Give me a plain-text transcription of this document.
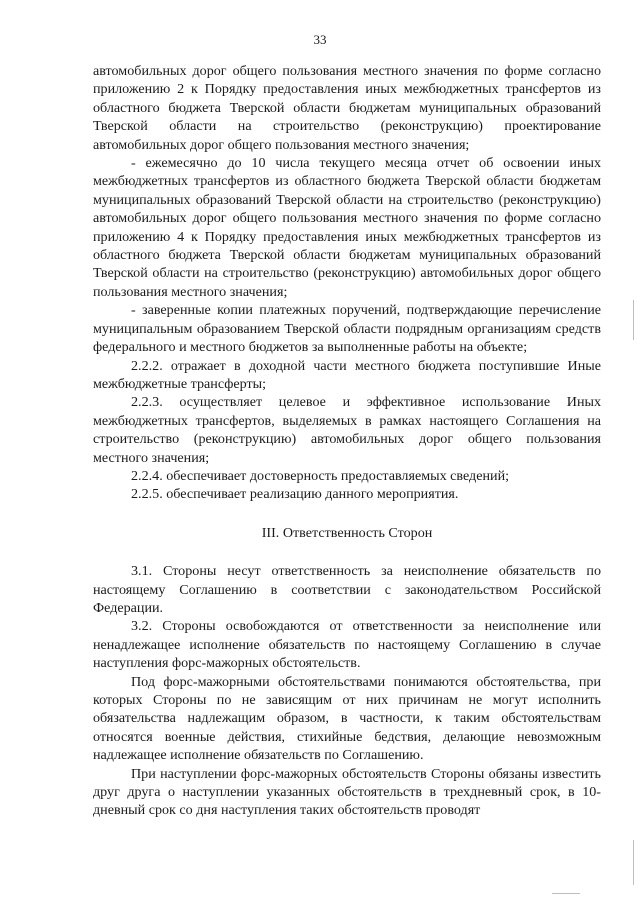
33

автомобильных дорог общего пользования местного значения по форме согласно приложению 2 к Порядку предоставления иных межбюджетных трансфертов из областного бюджета Тверской области бюджетам муниципальных образований Тверской области на строительство (реконструкцию) проектирование автомобильных дорог общего пользования местного значения;

- ежемесячно до 10 числа текущего месяца отчет об освоении иных межбюджетных трансфертов из областного бюджета Тверской области бюджетам муниципальных образований Тверской области на строительство (реконструкцию) автомобильных дорог общего пользования местного значения по форме согласно приложению 4 к Порядку предоставления иных межбюджетных трансфертов из областного бюджета Тверской области бюджетам муниципальных образований Тверской области на строительство (реконструкцию) автомобильных дорог общего пользования местного значения;

- заверенные копии платежных поручений, подтверждающие перечисление муниципальным образованием Тверской области подрядным организациям средств федерального и местного бюджетов за выполненные работы на объекте;

2.2.2. отражает в доходной части местного бюджета поступившие Иные межбюджетные трансферты;

2.2.3. осуществляет целевое и эффективное использование Иных межбюджетных трансфертов, выделяемых в рамках настоящего Соглашения на строительство (реконструкцию) автомобильных дорог общего пользования местного значения;

2.2.4. обеспечивает достоверность предоставляемых сведений;

2.2.5. обеспечивает реализацию данного мероприятия.

III. Ответственность Сторон

3.1. Стороны несут ответственность за неисполнение обязательств по настоящему Соглашению в соответствии с законодательством Российской Федерации.

3.2. Стороны освобождаются от ответственности за неисполнение или ненадлежащее исполнение обязательств по настоящему Соглашению в случае наступления форс-мажорных обстоятельств.

Под форс-мажорными обстоятельствами понимаются обстоятельства, при которых Стороны по не зависящим от них причинам не могут исполнить обязательства надлежащим образом, в частности, к таким обстоятельствам относятся военные действия, стихийные бедствия, делающие невозможным надлежащее исполнение обязательств по Соглашению.

При наступлении форс-мажорных обстоятельств Стороны обязаны известить друг друга о наступлении указанных обстоятельств в трехдневный срок, в 10-дневный срок со дня наступления таких обстоятельств проводят
